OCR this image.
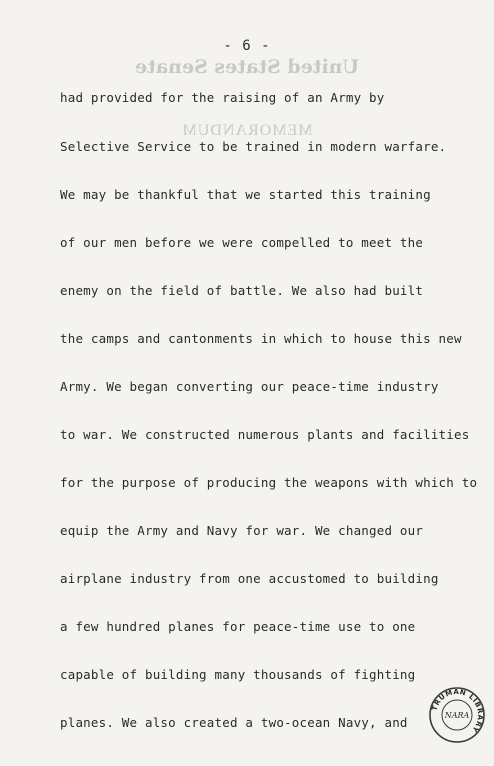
- 6 -
United States Senate
MEMORANDUM
had provided for the raising of an Army by
Selective Service to be trained in modern warfare.
We may be thankful that we started this training
of our men before we were compelled to meet the
enemy on the field of battle. We also had built
the camps and cantonments in which to house this new
Army. We began converting our peace-time industry
to war. We constructed numerous plants and facilities
for the purpose of producing the weapons with which to
equip the Army and Navy for war. We changed our
airplane industry from one accustomed to building
a few hundred planes for peace-time use to one
capable of building many thousands of fighting
planes. We also created a two-ocean Navy, and
TRUMAN LIBRARY
NARA
